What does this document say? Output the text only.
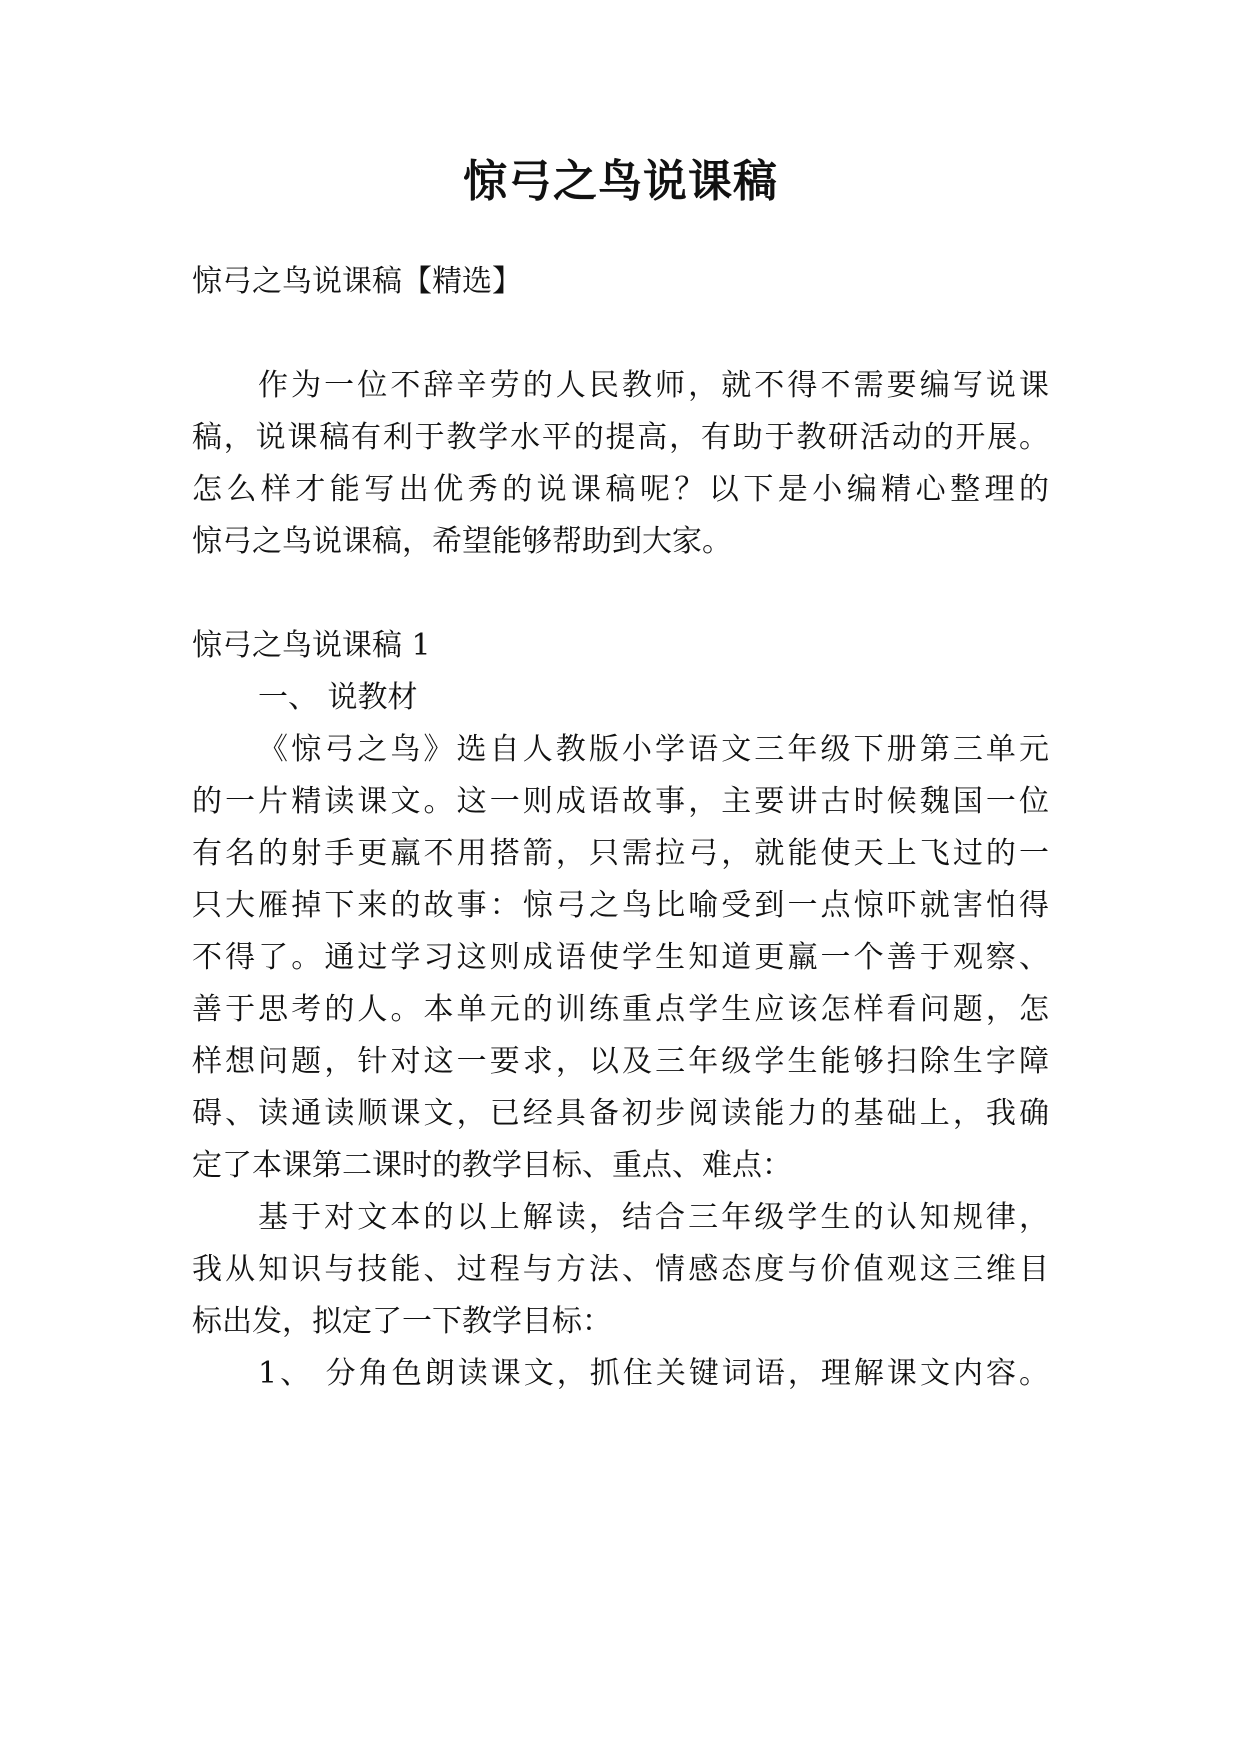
惊弓之鸟说课稿
惊弓之鸟说课稿【精选】
作为一位不辞辛劳的人民教师，就不得不需要编写说课
稿，说课稿有利于教学水平的提高，有助于教研活动的开展。
怎么样才能写出优秀的说课稿呢？以下是小编精心整理的
惊弓之鸟说课稿，希望能够帮助到大家。
惊弓之鸟说课稿 1
一、 说教材
《惊弓之鸟》选自人教版小学语文三年级下册第三单元
的一片精读课文。这一则成语故事，主要讲古时候魏国一位
有名的射手更羸不用搭箭，只需拉弓，就能使天上飞过的一
只大雁掉下来的故事：惊弓之鸟比喻受到一点惊吓就害怕得
不得了。通过学习这则成语使学生知道更羸一个善于观察、
善于思考的人。本单元的训练重点学生应该怎样看问题，怎
样想问题，针对这一要求，以及三年级学生能够扫除生字障
碍、读通读顺课文，已经具备初步阅读能力的基础上，我确
定了本课第二课时的教学目标、重点、难点：
基于对文本的以上解读，结合三年级学生的认知规律，
我从知识与技能、过程与方法、情感态度与价值观这三维目
标出发，拟定了一下教学目标：
1、 分角色朗读课文，抓住关键词语，理解课文内容。
